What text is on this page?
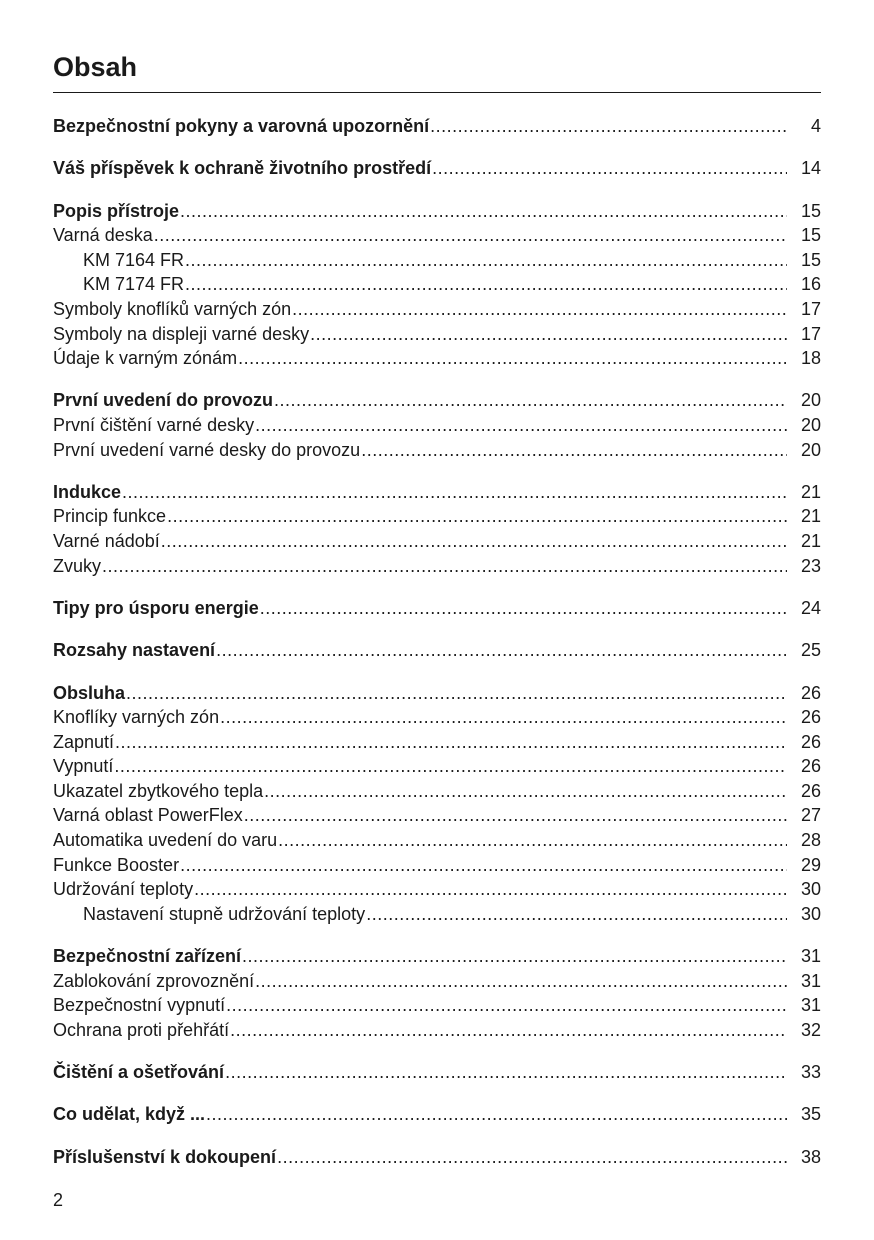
Obsah
Bezpečnostní pokyny a varovná upozornění .....	4
Váš příspěvek k ochraně životního prostředí .....	14
Popis přístroje .....	15
Varná deska .....	15
KM 7164 FR .....	15
KM 7174 FR .....	16
Symboly knoflíků varných zón .....	17
Symboly na displeji varné desky .....	17
Údaje k varným zónám .....	18
První uvedení do provozu .....	20
První čištění varné desky .....	20
První uvedení varné desky do provozu .....	20
Indukce .....	21
Princip funkce .....	21
Varné nádobí .....	21
Zvuky .....	23
Tipy pro úsporu energie .....	24
Rozsahy nastavení .....	25
Obsluha .....	26
Knoflíky varných zón .....	26
Zapnutí .....	26
Vypnutí .....	26
Ukazatel zbytkového tepla .....	26
Varná oblast PowerFlex .....	27
Automatika uvedení do varu .....	28
Funkce Booster .....	29
Udržování teploty .....	30
Nastavení stupně udržování teploty .....	30
Bezpečnostní zařízení .....	31
Zablokování zprovoznění .....	31
Bezpečnostní vypnutí .....	31
Ochrana proti přehřátí .....	32
Čištění a ošetřování .....	33
Co udělat, když ... .....	35
Příslušenství k dokoupení .....	38
2
